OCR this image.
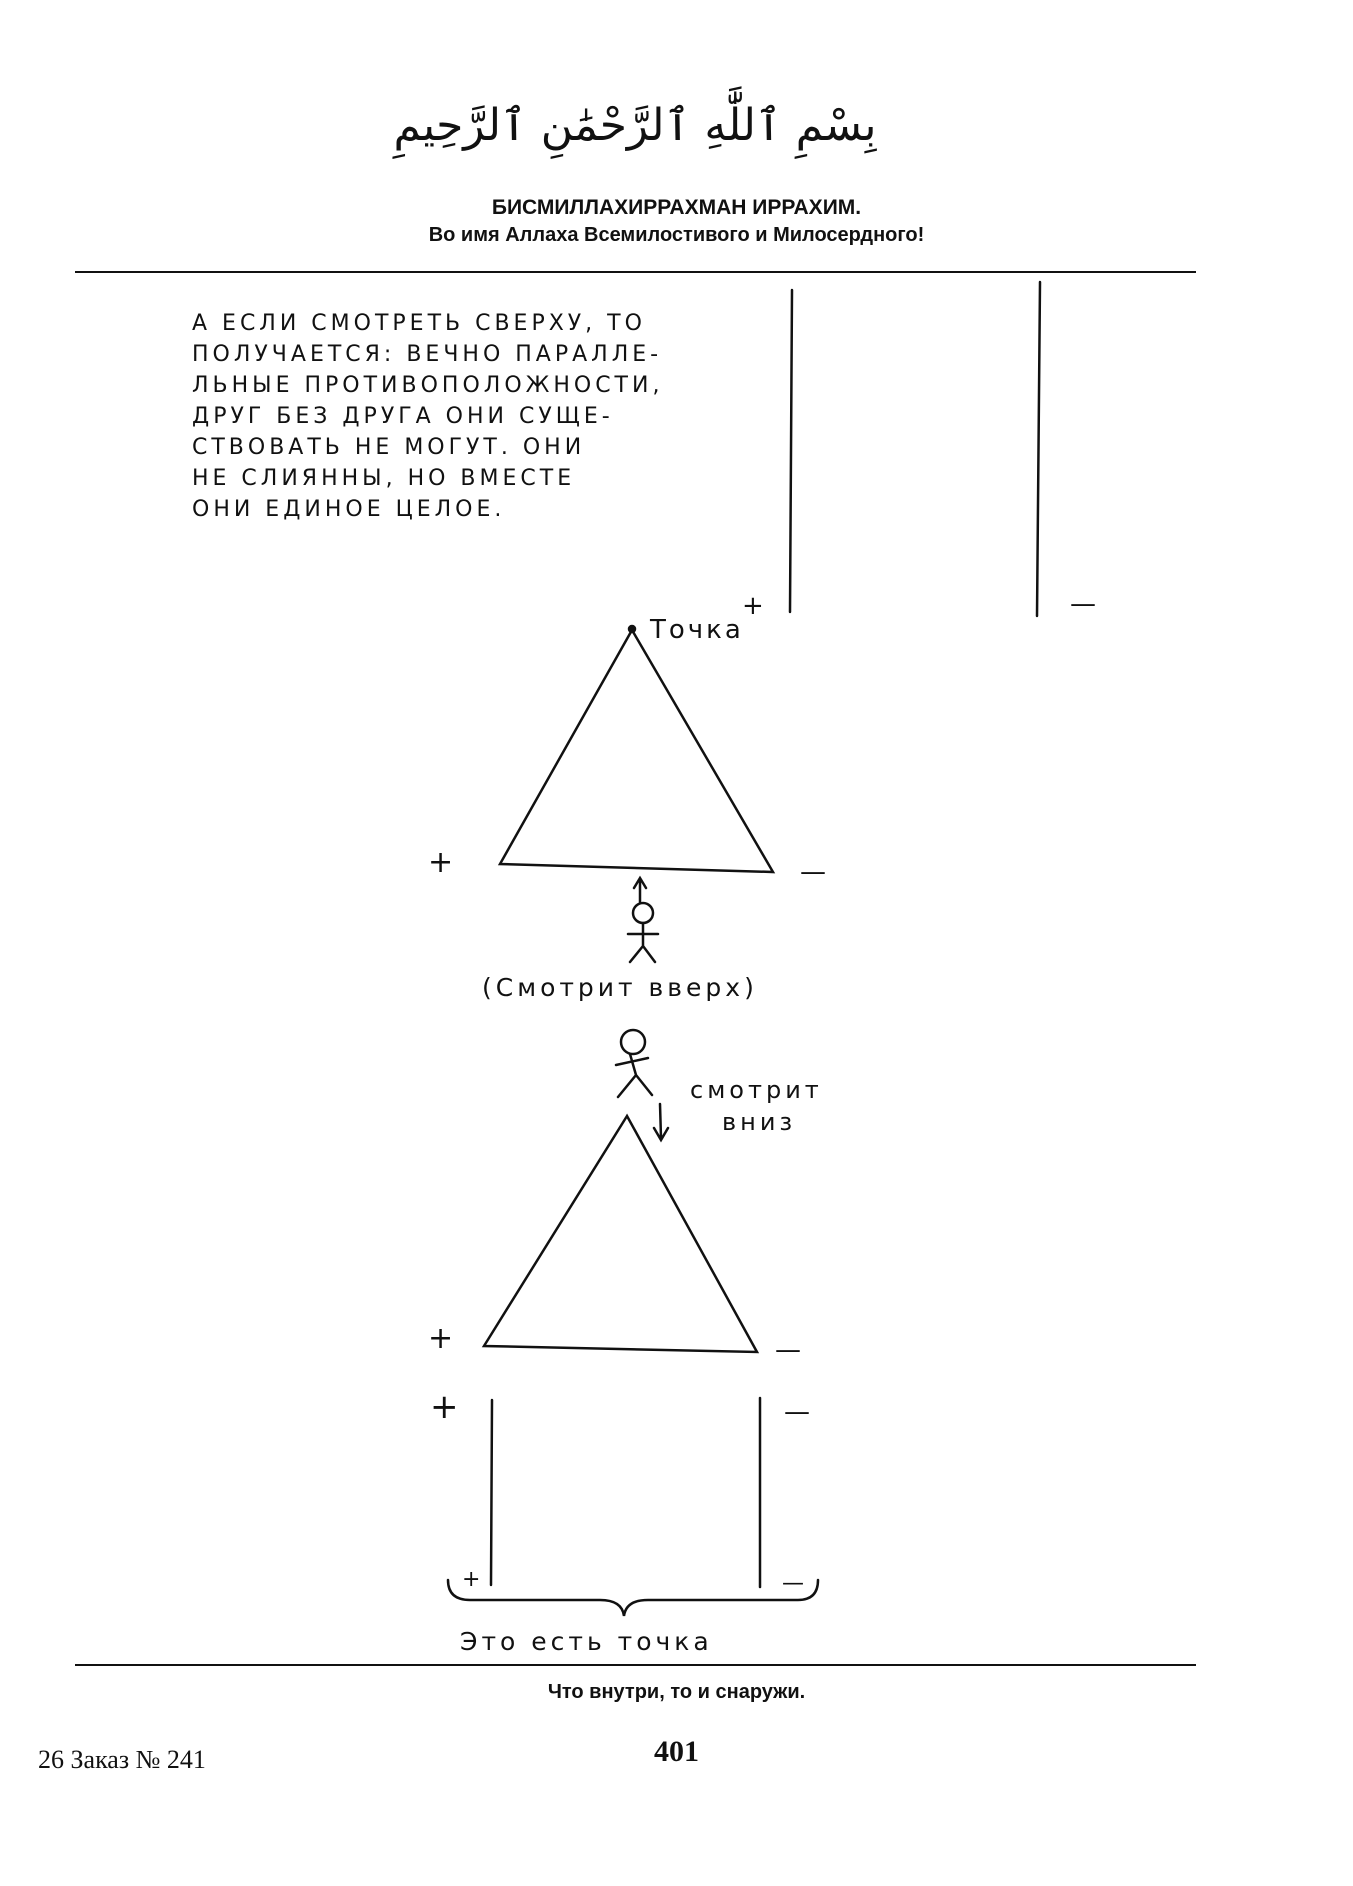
بِسْمِ ٱللَّٰهِ ٱلرَّحْمَٰنِ ٱلرَّحِيمِ
БИСМИЛЛАХИРРАХМАН ИРРАХИМ.
Во имя Аллаха Всемилостивого и Милосердного!
А ЕСЛИ СМОТРЕТЬ СВЕРХУ, ТО
ПОЛУЧАЕТСЯ: ВЕЧНО ПАРАЛЛЕ-
ЛЬНЫЕ ПРОТИВОПОЛОЖНОСТИ,
ДРУГ БЕЗ ДРУГА ОНИ СУЩЕ-
СТВОВАТЬ НЕ МОГУТ. ОНИ
НЕ СЛИЯННЫ, НО ВМЕСТЕ
ОНИ ЕДИНОЕ ЦЕЛОЕ.
+	—
+	—
+	—
+	—
+	—
Точка
(Смотрит вверх)
смотрит
вниз
Это есть точка
Что внутри, то и снаружи.
26 Заказ № 241	401
